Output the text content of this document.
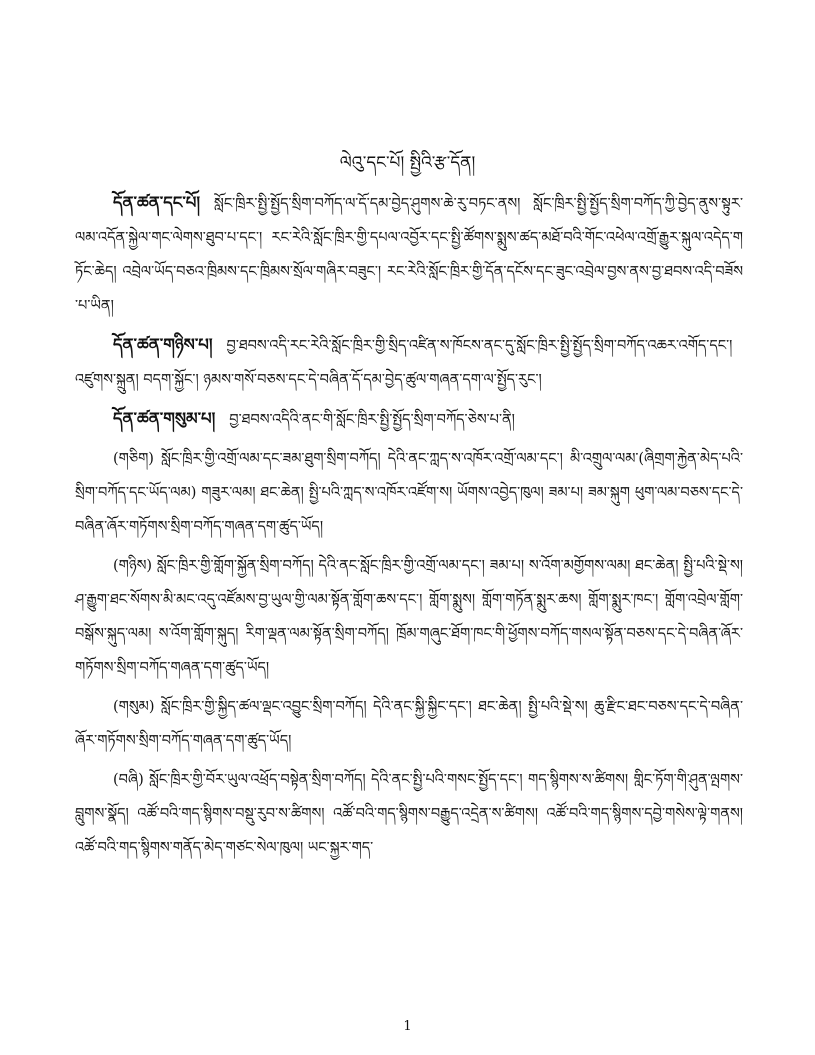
ལེའུ་དང་པོ། སྤྱིའི་རྩ་དོན།

དོན་ཚན་དང་པོ། སློང་ཁྲིར་སྤྱི་སྤྱོད་སྲིག་བཀོད་ལ་དོ་དམ་བྱེད་ཤུགས་ཆེ་རུ་བཏང་ནས། སློང་ཁྲིར་སྤྱི་སྤྱོད་སྲིག་བཀོད་ཀྱི་བྱེད་ནུས་སྟུར་ལམ་འདོན་སྐྱེལ་གང་ལེགས་ཐུབ་པ་དང་། རང་རེའི་སློང་ཁྲིར་གྱི་དཔལ་འབྱོར་དང་སྤྱི་ཚོགས་སྨུས་ཚད་མཐོ་བའི་གོང་འཕེལ་འགྲོ་རྒྱུར་སྐུལ་འདེད་གཏོང་ཆེད། འབྲེལ་ཡོད་བཅའ་ཁྲིམས་དང་ཁྲིམས་སྲོལ་གཞིར་བཟུང་། རང་རེའི་སློང་ཁྲིར་གྱི་དོན་དངོས་དང་ཟུང་འབྲེལ་བྱས་ནས་བྱ་ཐབས་འདི་བཟོས་པ་ཡིན།

དོན་ཚན་གཉིས་པ། བྱ་ཐབས་འདི་རང་རེའི་སློང་ཁྲིར་གྱི་སྲིད་འཛིན་ས་ཁོངས་ནང་དུ་སློང་ཁྲིར་སྤྱི་སྤྱོད་སྲིག་བཀོད་འཆར་འགོད་དང་། འཛུགས་སྐྲུན། བདག་སྐྱོང་། ཉམས་གསོ་བཅས་དང་དེ་བཞིན་དོ་དམ་བྱེད་ཚུལ་གཞན་དག་ལ་སྤྱོད་རུང་།

དོན་ཚན་གསུམ་པ། བྱ་ཐབས་འདིའི་ནང་གི་སློང་ཁྲིར་སྤྱི་སྤྱོད་སྲིག་བཀོད་ཅེས་པ་ནི།

(གཅིག) སློང་ཁྲིར་གྱི་འགྲོ་ལམ་དང་ཟམ་ཐུག་སྲིག་བཀོད། དེའི་ནང་ཀླད་ས་འཁོར་འགྲོ་ལམ་དང་། མི་འགྲུལ་ལམ་(ཞིགྲག་རྐྱེན་མེད་པའི་སྲིག་བཀོད་དང་ཡོད་ལམ) གཟུར་ལམ། ཐང་ཆེན། སྤྱི་པའི་ཀླད་ས་འཁོར་འཛོག་ས། ཡོགས་འབྱེད་ཁུལ། ཟམ་པ། ཟམ་སྐུག ཕུག་ལམ་བཅས་དང་དེ་བཞིན་ཞོར་གཏོགས་སྲིག་བཀོད་གཞན་དག་ཚུད་ཡོད།

(གཉིས) སློང་ཁྲིར་གྱི་གློག་སྐྱོན་སྲིག་བཀོད། དེའི་ནང་སློང་ཁྲིར་གྱི་འགྲོ་ལམ་དང་། ཟམ་པ། ས་འོག་མགྱོགས་ལམ། ཐང་ཆེན། སྤྱི་པའི་སྡེ་ས། ཤ་རྒྱུག་ཐང་སོགས་མི་མང་འདུ་འཛོམས་བྱ་ཡུལ་གྱི་ལམ་སྟོན་གློག་ཆས་དང་། གློག་སྨུས། གློག་གཏོན་སྨུར་ཆས། གློག་སྨུར་ཁང་། གློག་འབྲེལ་གློག་བསྒོས་སྐུད་ལམ། ས་འོག་གློག་སྐུད། རིག་ལྡན་ལམ་སྟོན་སྲིག་བཀོད། ཁྲོམ་གཞུང་ཐོག་ཁང་གི་ཕྱོགས་བཀོད་གསལ་སྟོན་བཅས་དང་དེ་བཞིན་ཞོར་གཏོགས་སྲིག་བཀོད་གཞན་དག་ཚུད་ཡོད།

(གསུམ) སློང་ཁྲིར་གྱི་སྐྱིད་ཚལ་ལྡང་འབྱུང་སྲིག་བཀོད། དེའི་ནང་སྐྱི་སྐྱིང་དང་། ཐང་ཆེན། སྤྱི་པའི་སྡེ་ས། ཆུ་རྫིང་ཐང་བཅས་དང་དེ་བཞིན་ཞོར་གཏོགས་སྲིག་བཀོད་གཞན་དག་ཚུད་ཡོད།

(བཞི) སློང་ཁྲིར་གྱི་བོར་ཡུལ་འཕྲོད་བསྟེན་སྲིག་བཀོད། དེའི་ནང་སྤྱི་པའི་གསང་སྤྱོད་དང་། གད་སྙིགས་ས་ཚིགས། གླིང་ཏོག་གི་ཤུན་ལྤགས་བླུགས་སྣོད། འཚོ་བའི་གད་སྙིགས་བསྡུ་རུབ་ས་ཚིགས། འཚོ་བའི་གད་སྙིགས་བརྒྱུད་འདྲེན་ས་ཚིགས། འཚོ་བའི་གད་སྙིགས་དབྱེ་གསེས་ལྟེ་གནས། འཚོ་བའི་གད་སྙིགས་གནོད་མེད་གཙང་སེལ་ཁུལ། ཡང་སྐྱར་གད་

1
